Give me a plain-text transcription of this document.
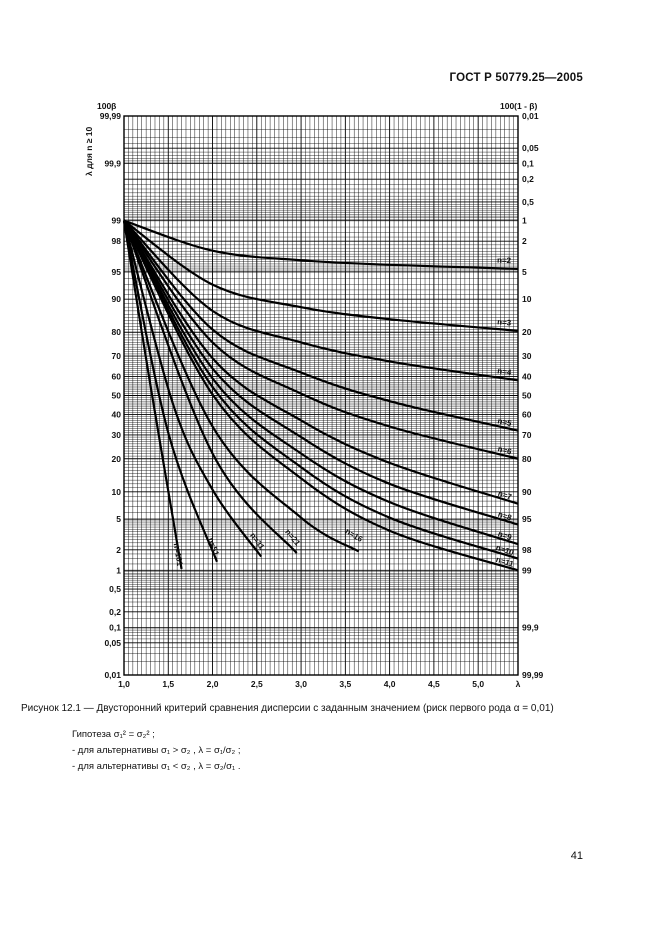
ГОСТ Р 50779.25—2005
n=2
n=3
n=4
n=5
n=6
n=7
n=8
n=9
n=10
n=11
n=16
n=21
n=31
n=51
n=101
99,99
99,9
99
98
95
90
80
70
60
50
40
30
20
10
5
2
1
0,5
0,2
0,1
0,05
0,01
0,01
0,05
0,1
0,2
0,5
1
2
5
10
20
30
40
50
60
70
80
90
95
98
99
99,9
99,99
1,0	1,5	2,0	2,5	3,0	3,5	4,0	4,5	5,0	λ
100β	100(1 - β)
λ для n ≥ 10
Рисунок 12.1 — Двусторонний критерий сравнения дисперсии с заданным значением (риск первого рода α = 0,01)
Гипотеза σ₁² = σ₂² ;
- для альтернативы σ₁ > σ₂ , λ = σ₁/σ₂ ;
- для альтернативы σ₁ < σ₂ , λ = σ₂/σ₁ .
41
